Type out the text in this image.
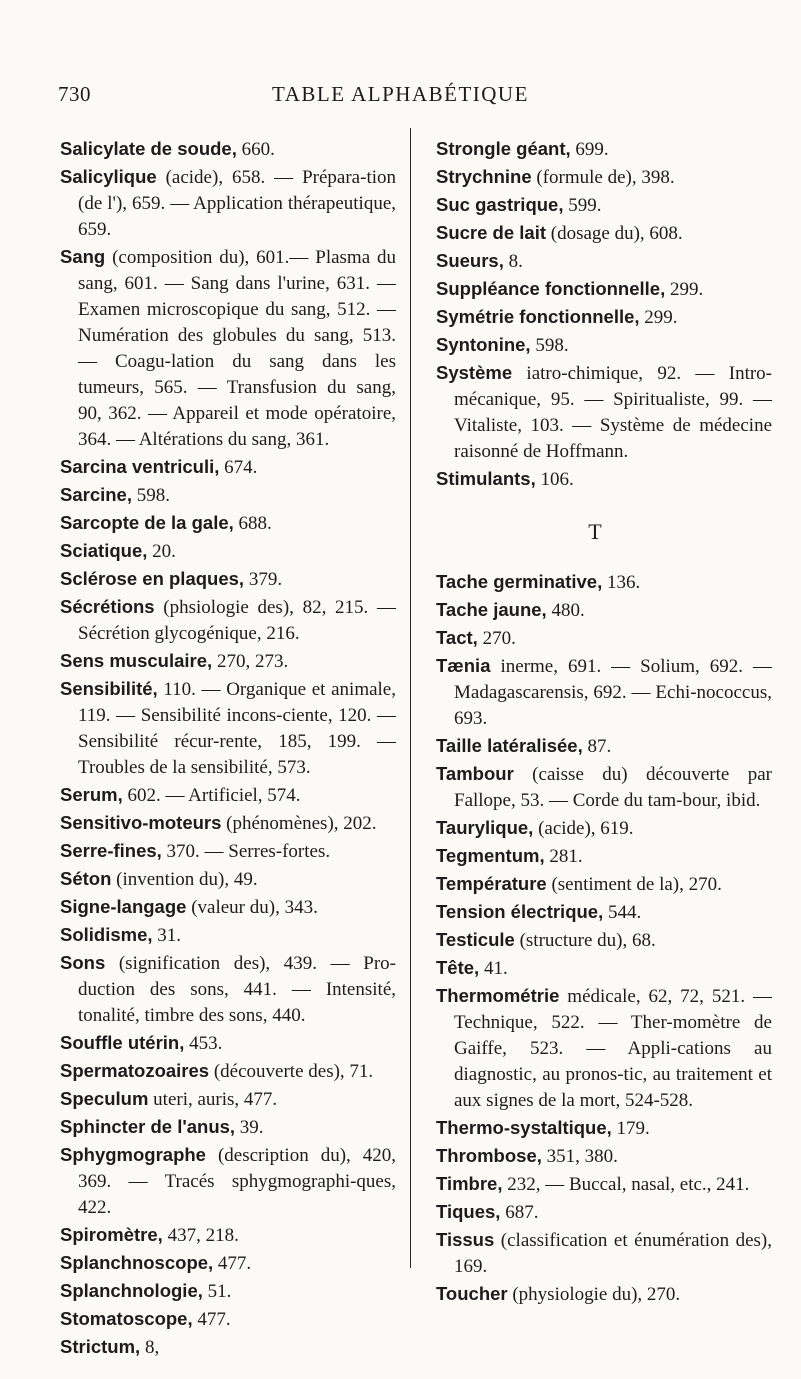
730	TABLE ALPHABÉTIQUE
Salicylate de soude, 660.
Salicylique (acide), 658. — Prépara-tion (de l'), 659. — Application thérapeutique, 659.
Sang (composition du), 601.— Plasma du sang, 601. — Sang dans l'urine, 631. — Examen microscopique du sang, 512. — Numération des globules du sang, 513. — Coagu-lation du sang dans les tumeurs, 565. — Transfusion du sang, 90, 362. — Appareil et mode opératoire, 364. — Altérations du sang, 361.
Sarcina ventriculi, 674.
Sarcine, 598.
Sarcopte de la gale, 688.
Sciatique, 20.
Sclérose en plaques, 379.
Sécrétions (phsiologie des), 82, 215. — Sécrétion glycogénique, 216.
Sens musculaire, 270, 273.
Sensibilité, 110. — Organique et animale, 119. — Sensibilité incons-ciente, 120. — Sensibilité récur-rente, 185, 199. — Troubles de la sensibilité, 573.
Serum, 602. — Artificiel, 574.
Sensitivo-moteurs (phénomènes), 202.
Serre-fines, 370. — Serres-fortes.
Séton (invention du), 49.
Signe-langage (valeur du), 343.
Solidisme, 31.
Sons (signification des), 439. — Pro-duction des sons, 441. — Intensité, tonalité, timbre des sons, 440.
Souffle utérin, 453.
Spermatozoaires (découverte des), 71.
Speculum uteri, auris, 477.
Sphincter de l'anus, 39.
Sphygmographe (description du), 420, 369. — Tracés sphygmographi-ques, 422.
Spiromètre, 437, 218.
Splanchnoscope, 477.
Splanchnologie, 51.
Stomatoscope, 477.
Strictum, 8,
Strongle géant, 699.
Strychnine (formule de), 398.
Suc gastrique, 599.
Sucre de lait (dosage du), 608.
Sueurs, 8.
Suppléance fonctionnelle, 299.
Symétrie fonctionnelle, 299.
Syntonine, 598.
Système iatro-chimique, 92. — Intro-mécanique, 95. — Spiritualiste, 99. — Vitaliste, 103. — Système de médecine raisonné de Hoffmann.
Stimulants, 106.
T
Tache germinative, 136.
Tache jaune, 480.
Tact, 270.
Tænia inerme, 691. — Solium, 692. — Madagascarensis, 692. — Echi-nococcus, 693.
Taille latéralisée, 87.
Tambour (caisse du) découverte par Fallope, 53. — Corde du tam-bour, ibid.
Taurylique, (acide), 619.
Tegmentum, 281.
Température (sentiment de la), 270.
Tension électrique, 544.
Testicule (structure du), 68.
Tête, 41.
Thermométrie médicale, 62, 72, 521. — Technique, 522. — Ther-momètre de Gaiffe, 523. — Appli-cations au diagnostic, au pronos-tic, au traitement et aux signes de la mort, 524-528.
Thermo-systaltique, 179.
Thrombose, 351, 380.
Timbre, 232, — Buccal, nasal, etc., 241.
Tiques, 687.
Tissus (classification et énumération des), 169.
Toucher (physiologie du), 270.
